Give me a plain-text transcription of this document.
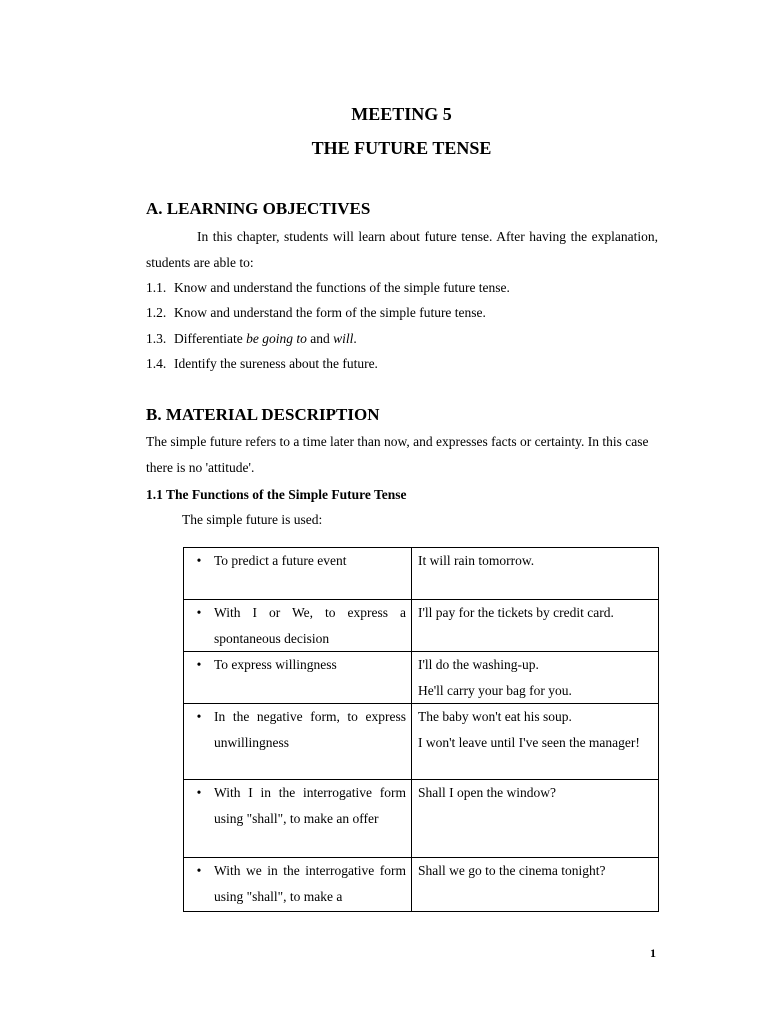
MEETING 5
THE FUTURE TENSE
A. LEARNING OBJECTIVES

In this chapter, students will learn about future tense. After having the explanation, students are able to:

1.1. Know and understand the functions of the simple future tense.
1.2. Know and understand the form of the simple future tense.
1.3. Differentiate be going to and will.
1.4. Identify the sureness about the future.
B. MATERIAL DESCRIPTION

The simple future refers to a time later than now, and expresses facts or certainty. In this case there is no 'attitude'.

1.1 The Functions of the Simple Future Tense
The simple future is used:
• To predict a future event	It will rain tomorrow.

• With I or We, to express a spontaneous decision	I'll pay for the tickets by credit card.

• To express willingness	I'll do the washing-up.
He'll carry your bag for you.

• In the negative form, to express unwillingness	The baby won't eat his soup.
I won't leave until I've seen the manager!

• With I in the interrogative form using "shall", to make an offer	Shall I open the window?

• With we in the interrogative form using "shall", to make a	Shall we go to the cinema tonight?
1
